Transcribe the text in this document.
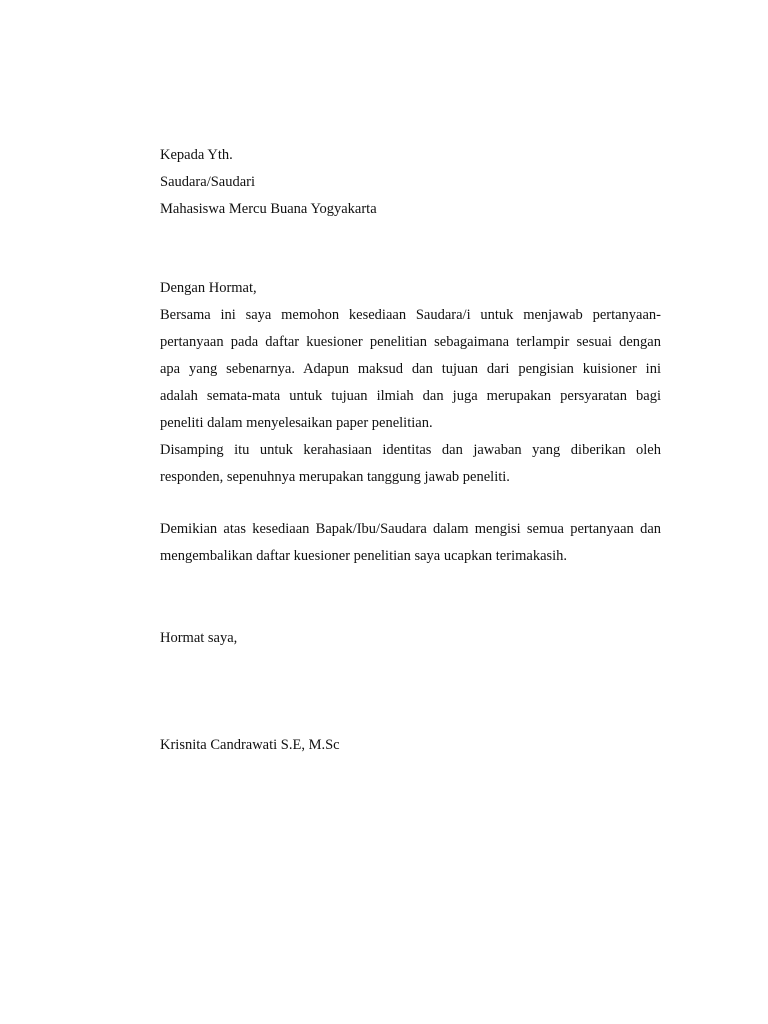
Kepada Yth.
Saudara/Saudari
Mahasiswa Mercu Buana Yogyakarta
Dengan Hormat,
Bersama ini saya memohon kesediaan Saudara/i untuk menjawab pertanyaan-
pertanyaan pada daftar kuesioner penelitian sebagaimana terlampir sesuai dengan
apa yang sebenarnya. Adapun maksud dan tujuan dari pengisian kuisioner ini
adalah semata-mata untuk tujuan ilmiah dan juga merupakan persyaratan bagi
peneliti dalam menyelesaikan paper penelitian.
Disamping itu untuk kerahasiaan identitas dan jawaban yang diberikan oleh
responden, sepenuhnya merupakan tanggung jawab peneliti.
Demikian atas kesediaan Bapak/Ibu/Saudara dalam mengisi semua pertanyaan dan
mengembalikan daftar kuesioner penelitian saya ucapkan terimakasih.
Hormat saya,
Krisnita Candrawati S.E, M.Sc
